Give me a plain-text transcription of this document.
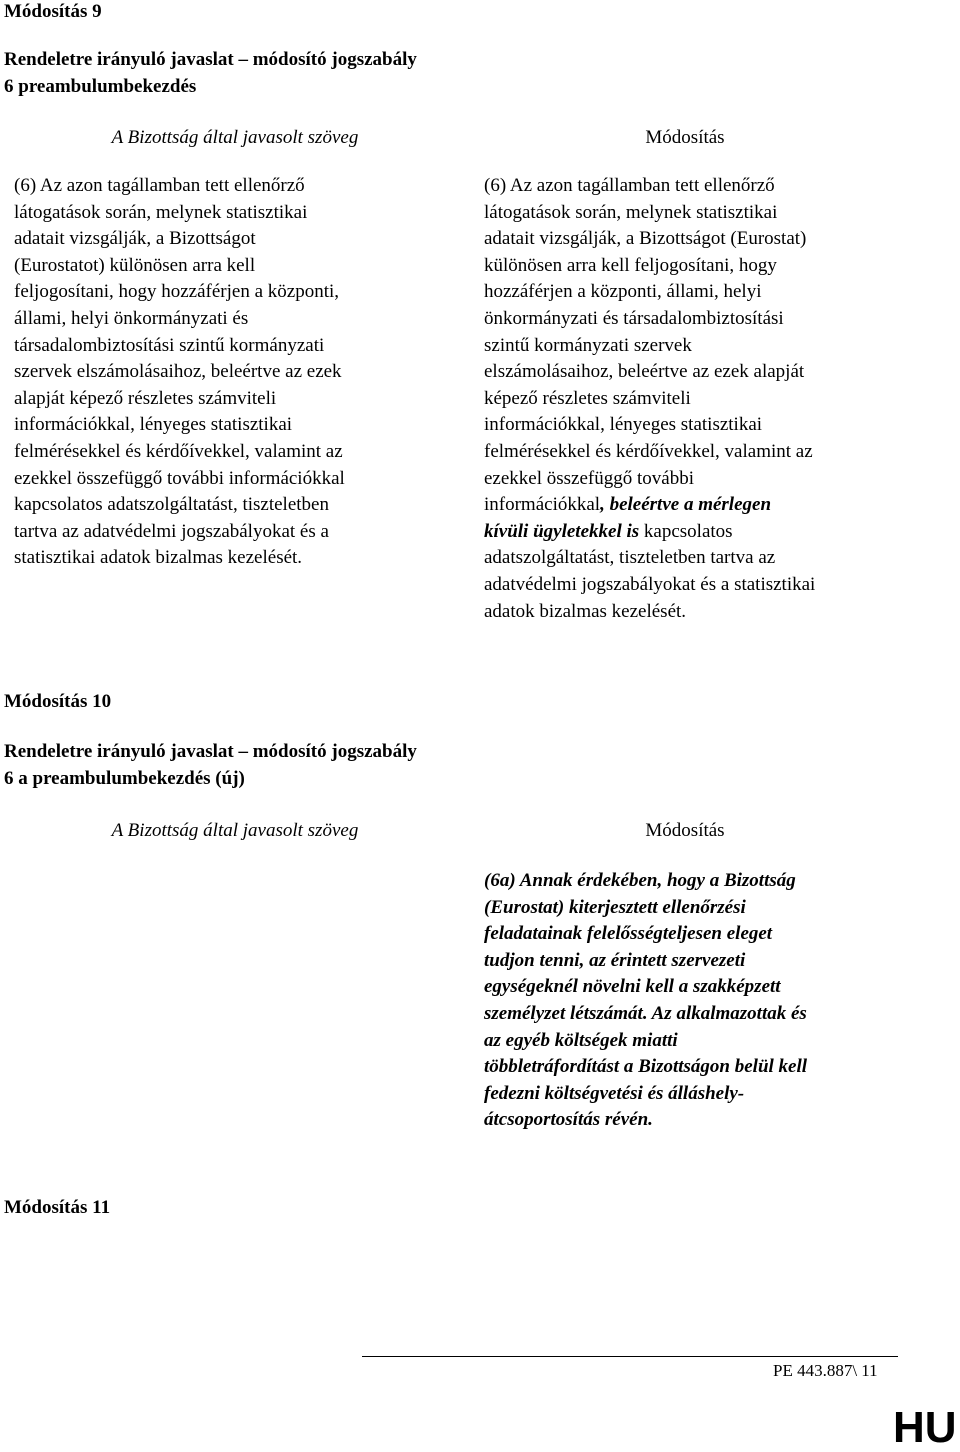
Módosítás 9
Rendeletre irányuló javaslat – módosító jogszabály
6 preambulumbekezdés
A Bizottság által javasolt szöveg	Módosítás
(6) Az azon tagállamban tett ellenőrző
látogatások során, melynek statisztikai
adatait vizsgálják, a Bizottságot
(Eurostatot) különösen arra kell
feljogosítani, hogy hozzáférjen a központi,
állami, helyi önkormányzati és
társadalombiztosítási szintű kormányzati
szervek elszámolásaihoz, beleértve az ezek
alapját képező részletes számviteli
információkkal, lényeges statisztikai
felmérésekkel és kérdőívekkel, valamint az
ezekkel összefüggő további információkkal
kapcsolatos adatszolgáltatást, tiszteletben
tartva az adatvédelmi jogszabályokat és a
statisztikai adatok bizalmas kezelését.
(6) Az azon tagállamban tett ellenőrző
látogatások során, melynek statisztikai
adatait vizsgálják, a Bizottságot (Eurostat)
különösen arra kell feljogosítani, hogy
hozzáférjen a központi, állami, helyi
önkormányzati és társadalombiztosítási
szintű kormányzati szervek
elszámolásaihoz, beleértve az ezek alapját
képező részletes számviteli
információkkal, lényeges statisztikai
felmérésekkel és kérdőívekkel, valamint az
ezekkel összefüggő további
információkkal, beleértve a mérlegen
kívüli ügyletekkel is kapcsolatos
adatszolgáltatást, tiszteletben tartva az
adatvédelmi jogszabályokat és a statisztikai
adatok bizalmas kezelését.
Módosítás 10
Rendeletre irányuló javaslat – módosító jogszabály
6 a preambulumbekezdés (új)
A Bizottság által javasolt szöveg	Módosítás
(6a) Annak érdekében, hogy a Bizottság
(Eurostat) kiterjesztett ellenőrzési
feladatainak felelősségteljesen eleget
tudjon tenni, az érintett szervezeti
egységeknél növelni kell a szakképzett
személyzet létszámát. Az alkalmazottak és
az egyéb költségek miatti
többletráfordítást a Bizottságon belül kell
fedezni költségvetési és álláshely-
átcsoportosítás révén.
Módosítás 11
PE 443.887\ 11
HU
